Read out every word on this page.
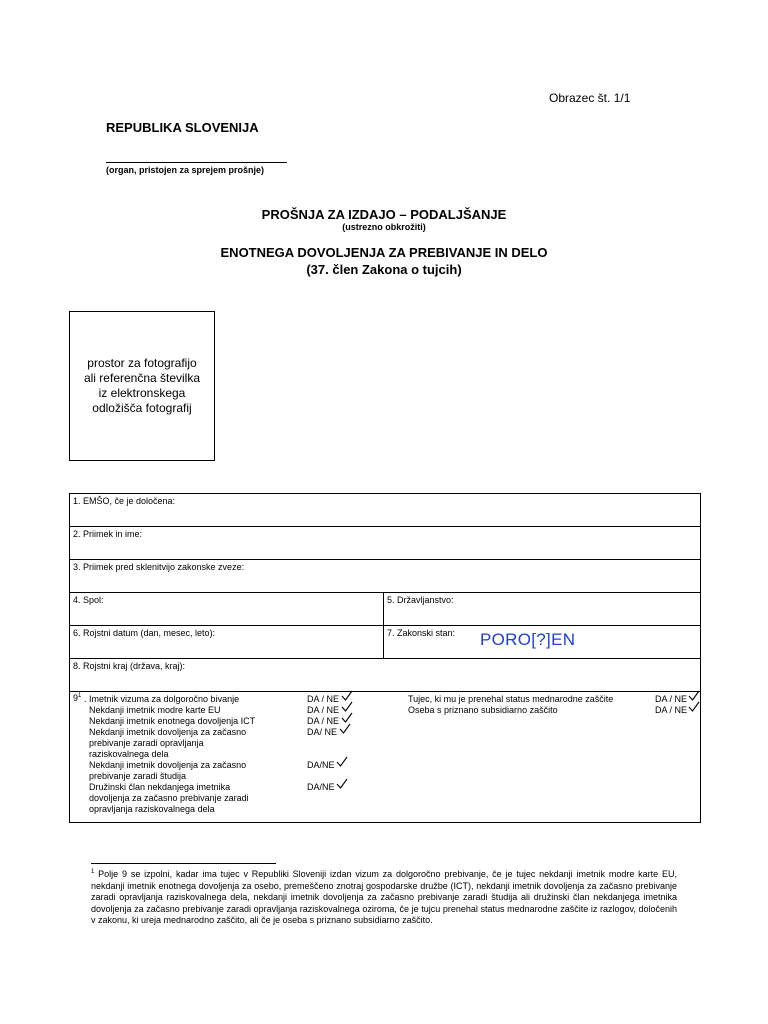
Obrazec št. 1/1
REPUBLIKA SLOVENIJA
(organ, pristojen za sprejem prošnje)
PROŠNJA ZA IZDAJO – PODALJŠANJE
(ustrezno obkrožiti)
ENOTNEGA DOVOLJENJA ZA PREBIVANJE IN DELO
(37. člen Zakona o tujcih)
prostor za fotografijo
ali referenčna številka
iz elektronskega
odložišča fotografij
1. EMŠO, če je določena:
2. Priimek in ime:
3. Priimek pred sklenitvijo zakonske zveze:
4. Spol:	5. Državljanstvo:
6. Rojstni datum (dan, mesec, leto):	7. Zakonski stan: PORO[?]EN
8. Rojstni kraj (država, kraj):
$9^1$ . Imetnik vizuma za dolgoročno bivanje	DA / NE
Nekdanji imetnik modre karte EU	DA / NE
Nekdanji imetnik enotnega dovoljenja ICT	DA / NE
Nekdanji imetnik dovoljenja za začasno
prebivanje zaradi opravljanja
raziskovalnega dela
DA/ NE
Nekdanji imetnik dovoljenja za začasno
prebivanje zaradi študija
DA/NE
Družinski član nekdanjega imetnika
dovoljenja za začasno prebivanje zaradi
opravljanja raziskovalnega dela
DA/NE
Tujec, ki mu je prenehal status mednarodne zaščite	DA / NE
Oseba s priznano subsidiarno zaščito	DA / NE
$^1$ Polje 9 se izpolni, kadar ima tujec v Republiki Sloveniji izdan vizum za dolgoročno prebivanje, če je tujec nekdanji imetnik modre karte EU, nekdanji imetnik enotnega dovoljenja za osebo, premeščeno znotraj gospodarske družbe (ICT), nekdanji imetnik dovoljenja za začasno prebivanje zaradi opravljanja raziskovalnega dela, nekdanji imetnik dovoljenja za začasno prebivanje zaradi študija ali družinski član nekdanjega imetnika dovoljenja za začasno prebivanje zaradi opravljanja raziskovalnega oziroma, če je tujcu prenehal status mednarodne zaščite iz razlogov, določenih v zakonu, ki ureja mednarodno zaščito, ali če je oseba s priznano subsidiarno zaščito.
